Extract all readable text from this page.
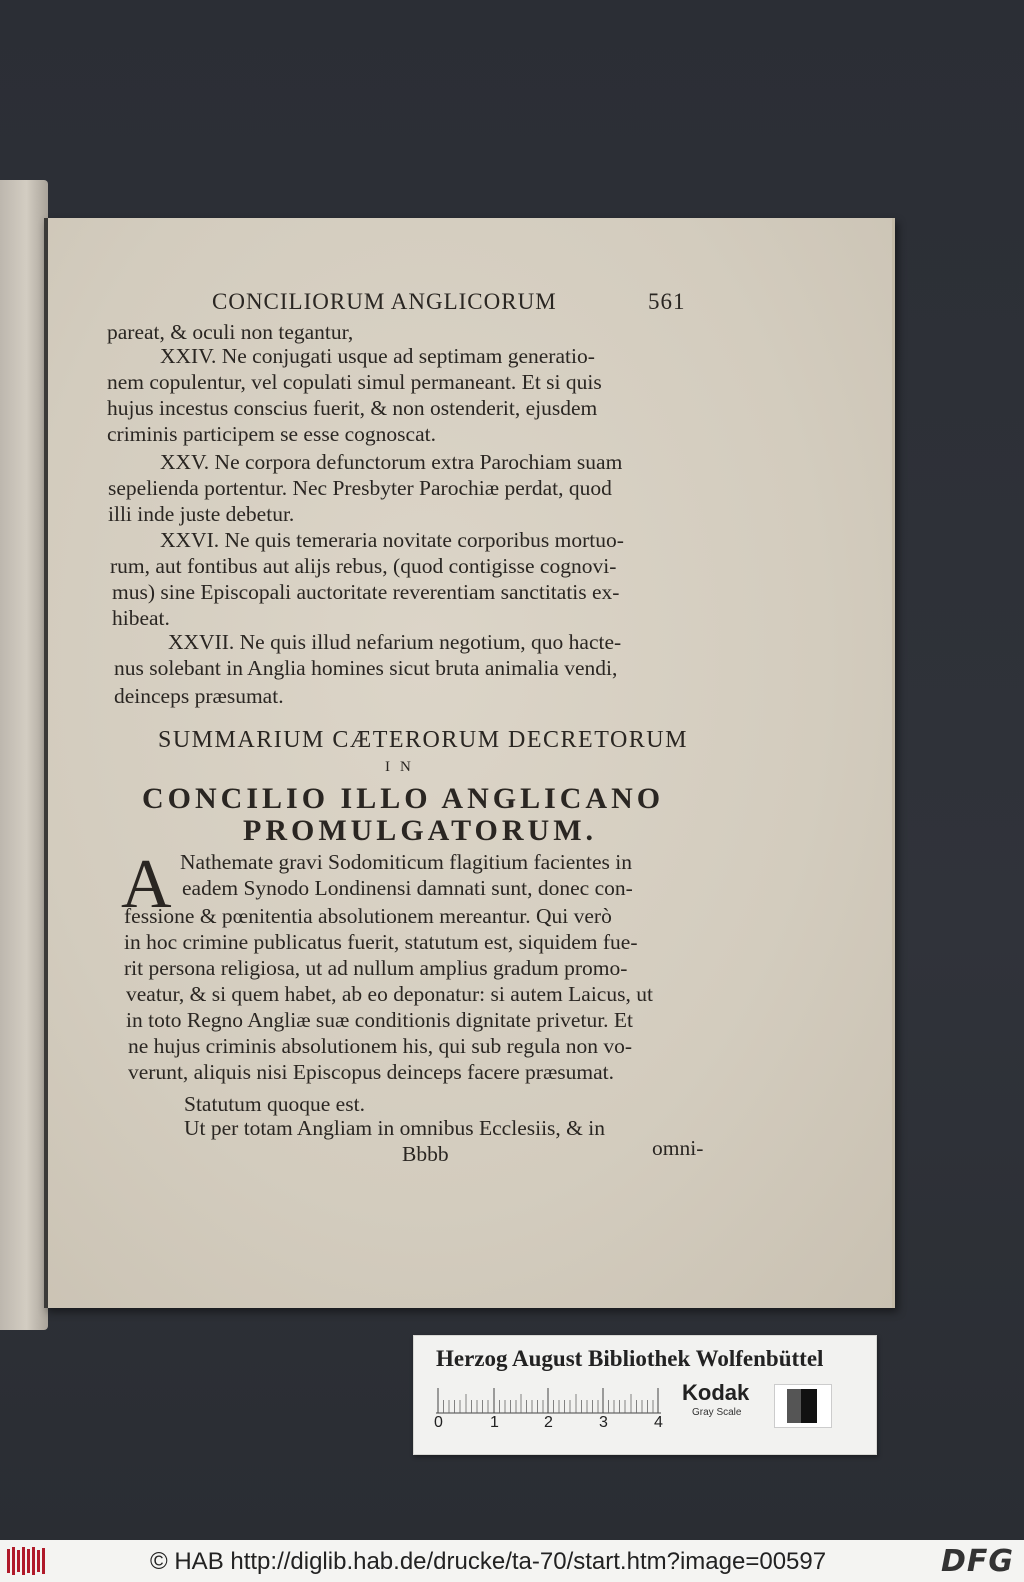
CONCILIORUM ANGLICORUM	561
pareat, & oculi non tegantur,
XXIV. Ne conjugati usque ad septimam generatio-
nem copulentur, vel copulati simul permaneant. Et si quis
hujus incestus conscius fuerit, & non ostenderit, ejusdem
criminis participem se esse cognoscat.
XXV. Ne corpora defunctorum extra Parochiam suam
sepelienda portentur. Nec Presbyter Parochiæ perdat, quod
illi inde juste debetur.
XXVI. Ne quis temeraria novitate corporibus mortuo-
rum, aut fontibus aut alijs rebus, (quod contigisse cognovi-
mus) sine Episcopali auctoritate reverentiam sanctitatis ex-
hibeat.
XXVII. Ne quis illud nefarium negotium, quo hacte-
nus solebant in Anglia homines sicut bruta animalia vendi,
deinceps præsumat.
SUMMARIUM CÆTERORUM DECRETORUM
IN
CONCILIO ILLO ANGLICANO
PROMULGATORUM.
A Nathemate gravi Sodomiticum flagitium facientes in
eadem Synodo Londinensi damnati sunt, donec con-
fessione & pœnitentia absolutionem mereantur. Qui verò
in hoc crimine publicatus fuerit, statutum est, siquidem fue-
rit persona religiosa, ut ad nullum amplius gradum promo-
veatur, & si quem habet, ab eo deponatur: si autem Laicus, ut
in toto Regno Angliæ suæ conditionis dignitate privetur. Et
ne hujus criminis absolutionem his, qui sub regula non vo-
verunt, aliquis nisi Episcopus deinceps facere præsumat.
Statutum quoque est.
Ut per totam Angliam in omnibus Ecclesiis, & in
Bbbb	omni-
Herzog August Bibliothek Wolfenbüttel
0	1	2	3	4
Kodak
Gray Scale
© HAB http://diglib.hab.de/drucke/ta-70/start.htm?image=00597	DFG
